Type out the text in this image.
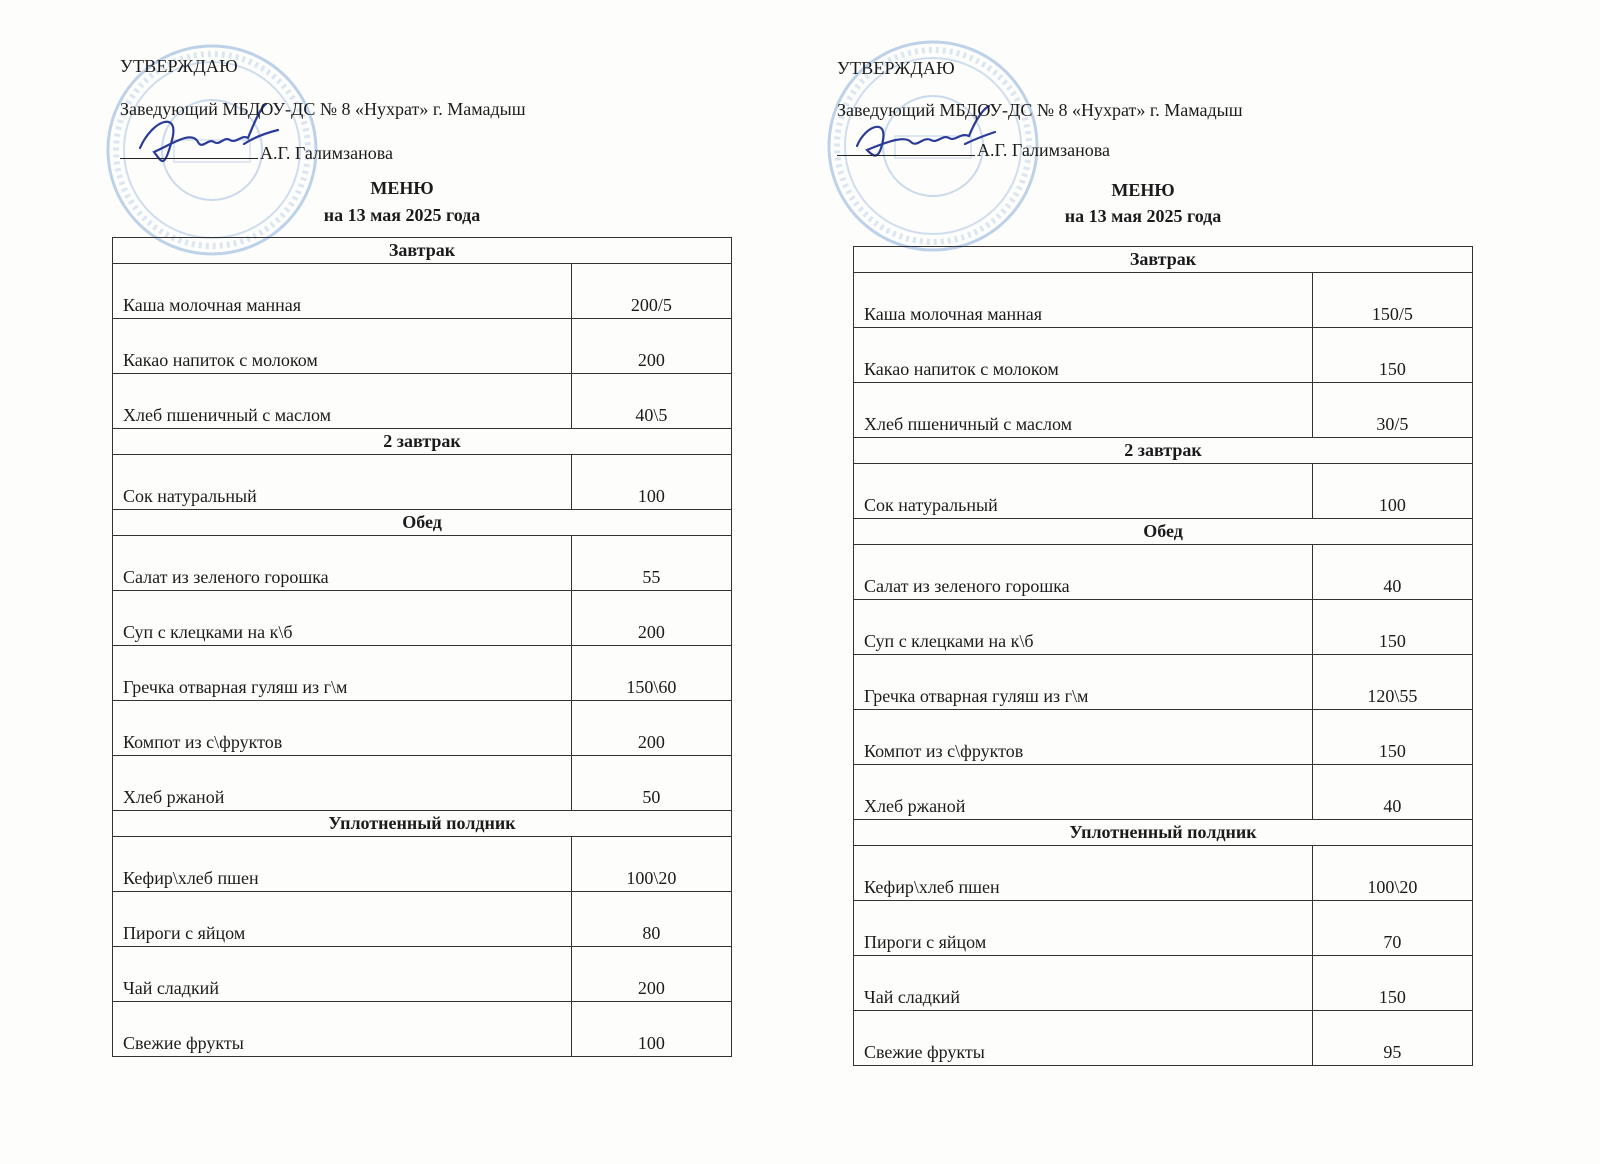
УТВЕРЖДАЮ
Заведующий МБДОУ-ДС № 8 «Нухрат» г. Мамадыш
А.Г. Галимзанова
МЕНЮ
на 13 мая 2025 года
Завтрак	
Каша молочная манная	200/5
Какао напиток с молоком	200
Хлеб пшеничный с маслом	40\5
2 завтрак	
Сок натуральный	100
Обед	
Салат из зеленого горошка	55
Суп с клецками на к\б	200
Гречка отварная гуляш из г\м	150\60
Компот из с\фруктов	200
Хлеб ржаной	50
Уплотненный полдник	
Кефир\хлеб пшен	100\20
Пироги с яйцом	80
Чай сладкий	200
Свежие фрукты	100
УТВЕРЖДАЮ
Заведующий МБДОУ-ДС № 8 «Нухрат» г. Мамадыш
А.Г. Галимзанова
МЕНЮ
на 13 мая 2025 года
Завтрак	
Каша молочная манная	150/5
Какао напиток с молоком	150
Хлеб пшеничный с маслом	30/5
2 завтрак	
Сок натуральный	100
Обед	
Салат из зеленого горошка	40
Суп с клецками на к\б	150
Гречка отварная гуляш из г\м	120\55
Компот из с\фруктов	150
Хлеб ржаной	40
Уплотненный полдник	
Кефир\хлеб пшен	100\20
Пироги с яйцом	70
Чай сладкий	150
Свежие фрукты	95
